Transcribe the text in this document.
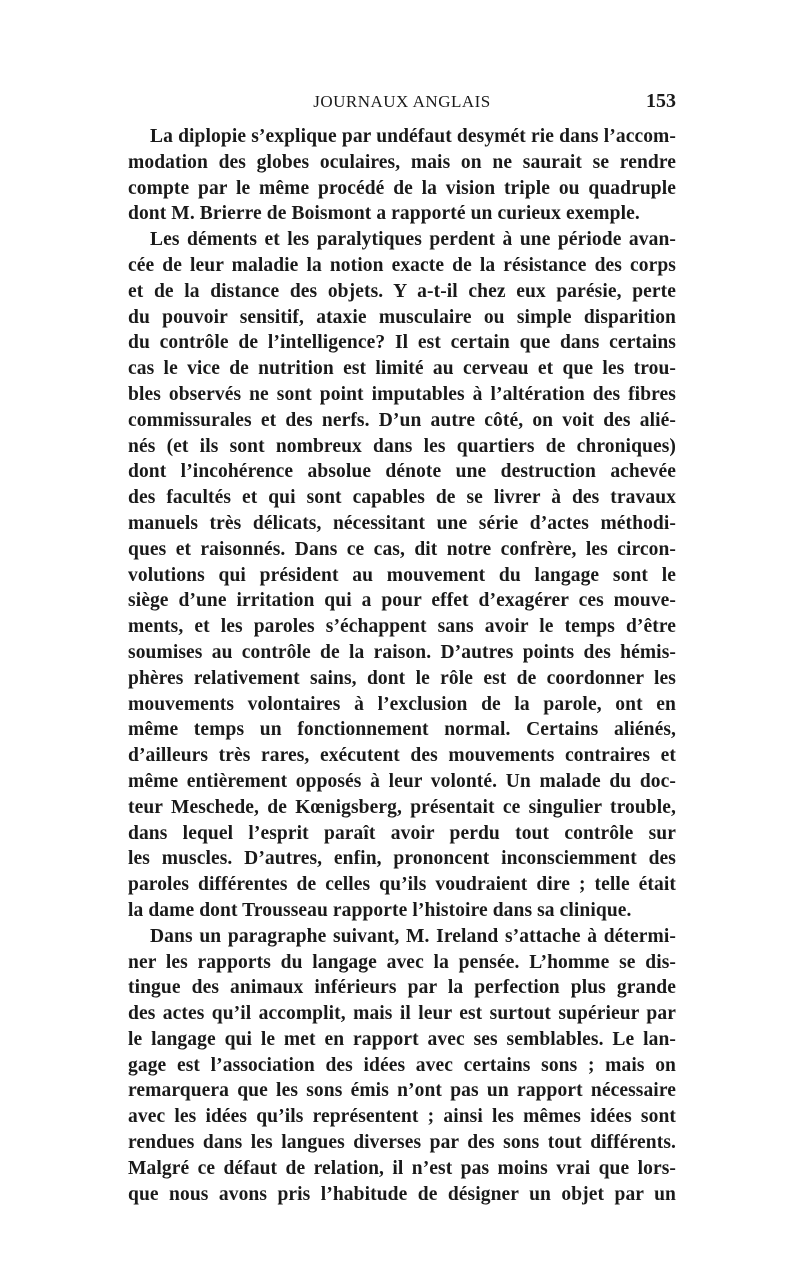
JOURNAUX ANGLAIS	153
La diplopie s’explique par undéfaut desymét rie dans l’accom-
modation des globes oculaires, mais on ne saurait se rendre
compte par le même procédé de la vision triple ou quadruple
dont M. Brierre de Boismont a rapporté un curieux exemple.
Les déments et les paralytiques perdent à une période avan-
cée de leur maladie la notion exacte de la résistance des corps
et de la distance des objets. Y a-t-il chez eux parésie, perte
du pouvoir sensitif, ataxie musculaire ou simple disparition
du contrôle de l’intelligence? Il est certain que dans certains
cas le vice de nutrition est limité au cerveau et que les trou-
bles observés ne sont point imputables à l’altération des fibres
commissurales et des nerfs. D’un autre côté, on voit des alié-
nés (et ils sont nombreux dans les quartiers de chroniques)
dont l’incohérence absolue dénote une destruction achevée
des facultés et qui sont capables de se livrer à des travaux
manuels très délicats, nécessitant une série d’actes méthodi-
ques et raisonnés. Dans ce cas, dit notre confrère, les circon-
volutions qui président au mouvement du langage sont le
siège d’une irritation qui a pour effet d’exagérer ces mouve-
ments, et les paroles s’échappent sans avoir le temps d’être
soumises au contrôle de la raison. D’autres points des hémis-
phères relativement sains, dont le rôle est de coordonner les
mouvements volontaires à l’exclusion de la parole, ont en
même temps un fonctionnement normal. Certains aliénés,
d’ailleurs très rares, exécutent des mouvements contraires et
même entièrement opposés à leur volonté. Un malade du doc-
teur Meschede, de Kœnigsberg, présentait ce singulier trouble,
dans lequel l’esprit paraît avoir perdu tout contrôle sur
les muscles. D’autres, enfin, prononcent inconsciemment des
paroles différentes de celles qu’ils voudraient dire ; telle était
la dame dont Trousseau rapporte l’histoire dans sa clinique.
Dans un paragraphe suivant, M. Ireland s’attache à détermi-
ner les rapports du langage avec la pensée. L’homme se dis-
tingue des animaux inférieurs par la perfection plus grande
des actes qu’il accomplit, mais il leur est surtout supérieur par
le langage qui le met en rapport avec ses semblables. Le lan-
gage est l’association des idées avec certains sons ; mais on
remarquera que les sons émis n’ont pas un rapport nécessaire
avec les idées qu’ils représentent ; ainsi les mêmes idées sont
rendues dans les langues diverses par des sons tout différents.
Malgré ce défaut de relation, il n’est pas moins vrai que lors-
que nous avons pris l’habitude de désigner un objet par un
